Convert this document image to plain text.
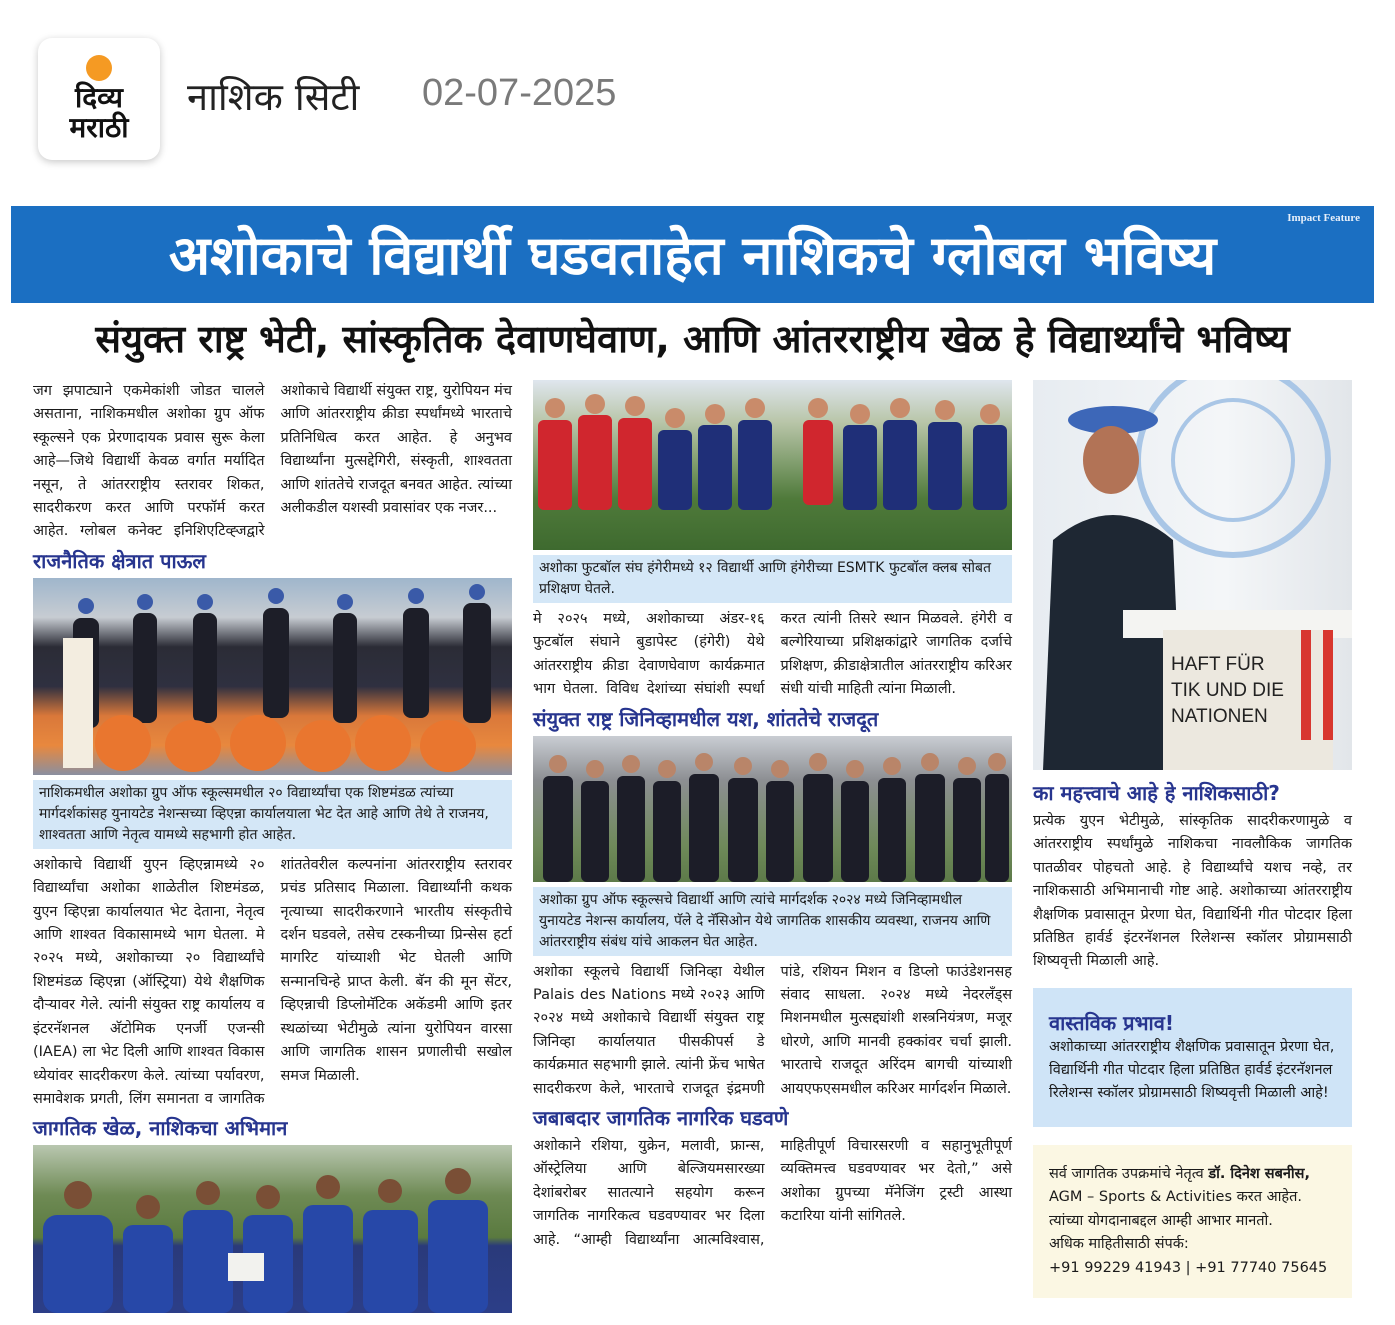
दिव्य
मराठी
नाशिक सिटी 02-07-2025
Impact Feature
अशोकाचे विद्यार्थी घडवताहेत नाशिकचे ग्लोबल भविष्य
संयुक्त राष्ट्र भेटी, सांस्कृतिक देवाणघेवाण, आणि आंतरराष्ट्रीय खेळ हे विद्यार्थ्यांचे भविष्य
जग झपाट्याने एकमेकांशी जोडत चालले असताना, नाशिकमधील अशोका ग्रुप ऑफ स्कूल्सने एक प्रेरणादायक प्रवास सुरू केला आहे—जिथे विद्यार्थी केवळ वर्गात मर्यादित नसून, ते आंतरराष्ट्रीय स्तरावर शिकत, सादरीकरण करत आणि परफॉर्म करत आहेत. ग्लोबल कनेक्ट इनिशिएटिव्ह्जद्वारे अशोकाचे विद्यार्थी संयुक्त राष्ट्र, युरोपियन मंच आणि आंतरराष्ट्रीय क्रीडा स्पर्धांमध्ये भारताचे प्रतिनिधित्व करत आहेत. हे अनुभव विद्यार्थ्यांना मुत्सद्देगिरी, संस्कृती, शाश्वतता आणि शांततेचे राजदूत बनवत आहेत. त्यांच्या अलीकडील यशस्वी प्रवासांवर एक नजर...
राजनैतिक क्षेत्रात पाऊल
नाशिकमधील अशोका ग्रुप ऑफ स्कूल्समधील २० विद्यार्थ्यांचा एक शिष्टमंडळ त्यांच्या मार्गदर्शकांसह युनायटेड नेशन्सच्या व्हिएन्ना कार्यालयाला भेट देत आहे आणि तेथे ते राजनय, शाश्वतता आणि नेतृत्व यामध्ये सहभागी होत आहेत.
अशोकाचे विद्यार्थी युएन व्हिएन्नामध्ये २० विद्यार्थ्यांचा अशोका शाळेतील शिष्टमंडळ, युएन व्हिएन्ना कार्यालयात भेट देताना, नेतृत्व आणि शाश्वत विकासामध्ये भाग घेतला. मे २०२५ मध्ये, अशोकाच्या २० विद्यार्थ्यांचे शिष्टमंडळ व्हिएन्ना (ऑस्ट्रिया) येथे शैक्षणिक दौऱ्यावर गेले. त्यांनी संयुक्त राष्ट्र कार्यालय व इंटरनॅशनल अ‍ॅटोमिक एनर्जी एजन्सी (IAEA) ला भेट दिली आणि शाश्वत विकास ध्येयांवर सादरीकरण केले. त्यांच्या पर्यावरण, समावेशक प्रगती, लिंग समानता व जागतिक शांततेवरील कल्पनांना आंतरराष्ट्रीय स्तरावर प्रचंड प्रतिसाद मिळाला. विद्यार्थ्यांनी कथक नृत्याच्या सादरीकरणाने भारतीय संस्कृतीचे दर्शन घडवले, तसेच टस्कनीच्या प्रिन्सेस हर्टा मागरिट यांच्याशी भेट घेतली आणि सन्मानचिन्हे प्राप्त केली. बॅन की मून सेंटर, व्हिएन्नाची डिप्लोमॅटिक अकॅडमी आणि इतर स्थळांच्या भेटीमुळे त्यांना युरोपियन वारसा आणि जागतिक शासन प्रणालीची सखोल समज मिळाली.
जागतिक खेळ, नाशिकचा अभिमान
अशोका फुटबॉल संघ हंगेरीमध्ये १२ विद्यार्थी आणि हंगेरीच्या ESMTK फुटबॉल क्लब सोबत प्रशिक्षण घेतले.
मे २०२५ मध्ये, अशोकाच्या अंडर-१६ फुटबॉल संघाने बुडापेस्ट (हंगेरी) येथे आंतरराष्ट्रीय क्रीडा देवाणघेवाण कार्यक्रमात भाग घेतला. विविध देशांच्या संघांशी स्पर्धा करत त्यांनी तिसरे स्थान मिळवले. हंगेरी व बल्गेरियाच्या प्रशिक्षकांद्वारे जागतिक दर्जाचे प्रशिक्षण, क्रीडाक्षेत्रातील आंतरराष्ट्रीय करिअर संधी यांची माहिती त्यांना मिळाली.
संयुक्त राष्ट्र जिनिव्हामधील यश, शांततेचे राजदूत
अशोका ग्रुप ऑफ स्कूल्सचे विद्यार्थी आणि त्यांचे मार्गदर्शक २०२४ मध्ये जिनिव्हामधील युनायटेड नेशन्स कार्यालय, पॅले दे नॅसिओन येथे जागतिक शासकीय व्यवस्था, राजनय आणि आंतरराष्ट्रीय संबंध यांचे आकलन घेत आहेत.
अशोका स्कूलचे विद्यार्थी जिनिव्हा येथील Palais des Nations मध्ये २०२३ आणि २०२४ मध्ये अशोकाचे विद्यार्थी संयुक्त राष्ट्र जिनिव्हा कार्यालयात पीसकीपर्स डे कार्यक्रमात सहभागी झाले. त्यांनी फ्रेंच भाषेत सादरीकरण केले, भारताचे राजदूत इंद्रमणी पांडे, रशियन मिशन व डिप्लो फाउंडेशनसह संवाद साधला. २०२४ मध्ये नेदरलँड्स मिशनमधील मुत्सद्द्यांशी शस्त्रनियंत्रण, मजूर धोरणे, आणि मानवी हक्कांवर चर्चा झाली. भारताचे राजदूत अरिंदम बागची यांच्याशी आयएफएसमधील करिअर मार्गदर्शन मिळाले.
जबाबदार जागतिक नागरिक घडवणे
अशोकाने रशिया, युक्रेन, मलावी, फ्रान्स, ऑस्ट्रेलिया आणि बेल्जियमसारख्या देशांबरोबर सातत्याने सहयोग करून जागतिक नागरिकत्व घडवण्यावर भर दिला आहे. “आम्ही विद्यार्थ्यांना आत्मविश्वास, माहितीपूर्ण विचारसरणी व सहानुभूतीपूर्ण व्यक्तिमत्त्व घडवण्यावर भर देतो,” असे अशोका ग्रुपच्या मॅनेजिंग ट्रस्टी आस्था कटारिया यांनी सांगितले.
HAFT FÜR
TIK UND DIE
NATIONEN
का महत्त्वाचे आहे हे नाशिकसाठी?
प्रत्येक युएन भेटीमुळे, सांस्कृतिक सादरीकरणामुळे व आंतरराष्ट्रीय स्पर्धांमुळे नाशिकचा नावलौकिक जागतिक पातळीवर पोहचतो आहे. हे विद्यार्थ्यांचे यशच नव्हे, तर नाशिकसाठी अभिमानाची गोष्ट आहे. अशोकाच्या आंतरराष्ट्रीय शैक्षणिक प्रवासातून प्रेरणा घेत, विद्यार्थिनी गीत पोटदार हिला प्रतिष्ठित हार्वर्ड इंटरनॅशनल रिलेशन्स स्कॉलर प्रोग्रामसाठी शिष्यवृत्ती मिळाली आहे.
वास्तविक प्रभाव!
अशोकाच्या आंतरराष्ट्रीय शैक्षणिक प्रवासातून प्रेरणा घेत, विद्यार्थिनी गीत पोटदार हिला प्रतिष्ठित हार्वर्ड इंटरनॅशनल रिलेशन्स स्कॉलर प्रोग्रामसाठी शिष्यवृत्ती मिळाली आहे!
सर्व जागतिक उपक्रमांचे नेतृत्व डॉ. दिनेश सबनीस,
AGM – Sports & Activities करत आहेत.
त्यांच्या योगदानाबद्दल आम्ही आभार मानतो.
अधिक माहितीसाठी संपर्क:
+91 99229 41943 | +91 77740 75645
